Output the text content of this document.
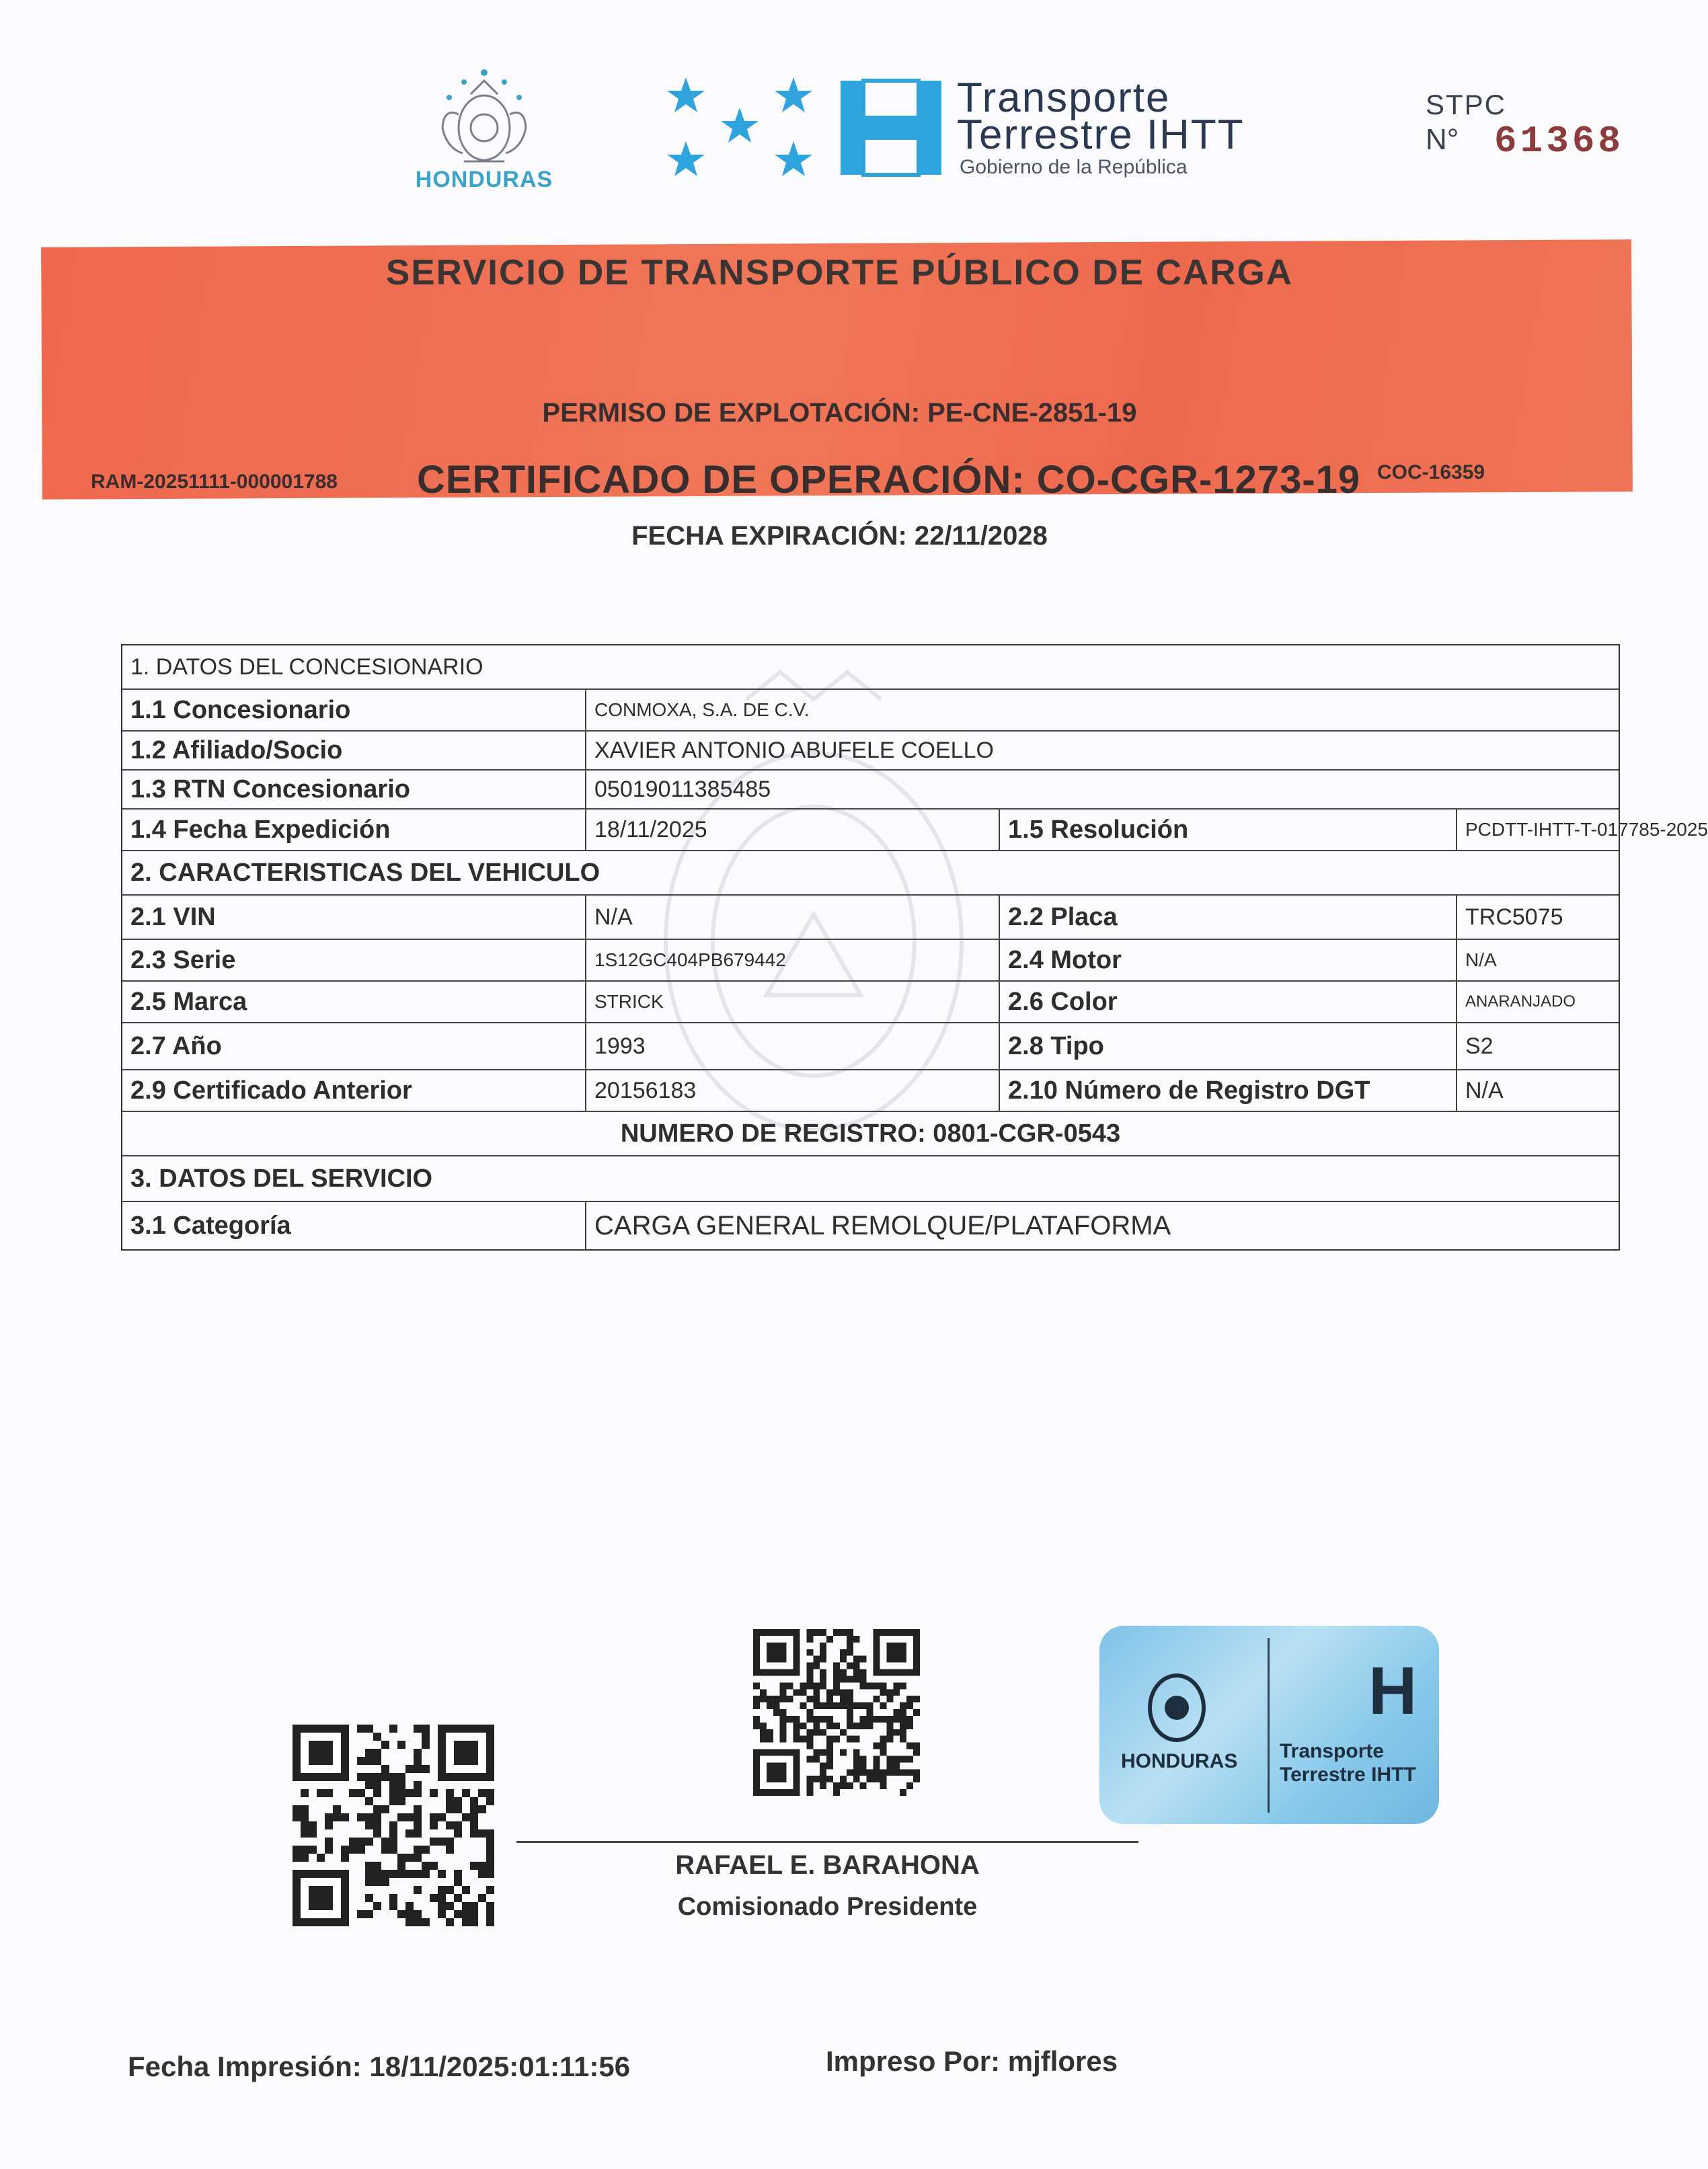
HONDURAS
Transporte
Terrestre IHTT
Gobierno de la República
STPC
N° 61368
SERVICIO DE TRANSPORTE PÚBLICO DE CARGA
PERMISO DE EXPLOTACIÓN: PE-CNE-2851-19
RAM-20251111-000001788 CERTIFICADO DE OPERACIÓN: CO-CGR-1273-19 COC-16359
FECHA EXPIRACIÓN: 22/11/2028
1. DATOS DEL CONCESIONARIO
1.1 Concesionario	CONMOXA, S.A. DE C.V.
1.2 Afiliado/Socio	XAVIER ANTONIO ABUFELE COELLO
1.3 RTN Concesionario	05019011385485
1.4 Fecha Expedición	18/11/2025	1.5 Resolución	PCDTT-IHTT-T-017785-2025
2. CARACTERISTICAS DEL VEHICULO
2.1 VIN	N/A	2.2 Placa	TRC5075
2.3 Serie	1S12GC404PB679442	2.4 Motor	N/A
2.5 Marca	STRICK	2.6 Color	ANARANJADO
2.7 Año	1993	2.8 Tipo	S2
2.9 Certificado Anterior	20156183	2.10 Número de Registro DGT	N/A
NUMERO DE REGISTRO: 0801-CGR-0543
3. DATOS DEL SERVICIO
3.1 Categoría	CARGA GENERAL REMOLQUE/PLATAFORMA
HONDURAS
H
Transporte
Terrestre IHTT
RAFAEL E. BARAHONA
Comisionado Presidente
Fecha Impresión: 18/11/2025:01:11:56	Impreso Por: mjflores
